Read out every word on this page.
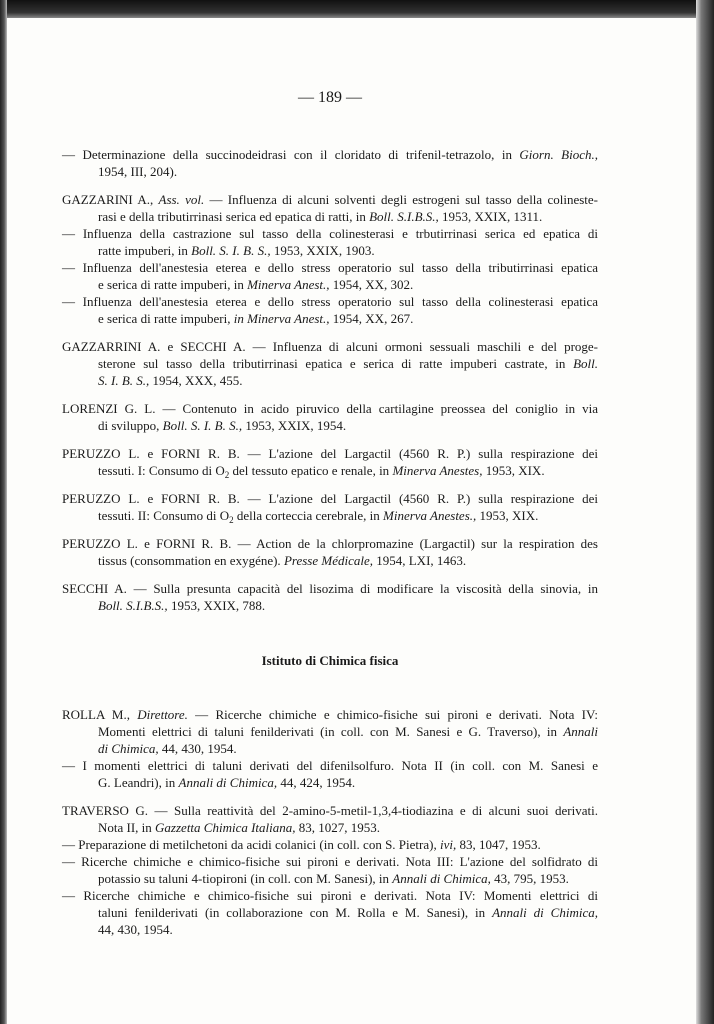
— 189 —
— Determinazione della succinodeidrasi con il cloridato di trifenil-tetrazolo, in Giorn. Bioch.,
1954, III, 204).
GAZZARINI A., Ass. vol. — Influenza di alcuni solventi degli estrogeni sul tasso della colineste-
rasi e della tributirrinasi serica ed epatica di ratti, in Boll. S.I.B.S., 1953, XXIX, 1311.
— Influenza della castrazione sul tasso della colinesterasi e trbutirrinasi serica ed epatica di
ratte impuberi, in Boll. S. I. B. S., 1953, XXIX, 1903.
— Influenza dell'anestesia eterea e dello stress operatorio sul tasso della tributirrinasi epatica
e serica di ratte impuberi, in Minerva Anest., 1954, XX, 302.
— Influenza dell'anestesia eterea e dello stress operatorio sul tasso della colinesterasi epatica
e serica di ratte impuberi, in Minerva Anest., 1954, XX, 267.
GAZZARRINI A. e SECCHI A. — Influenza di alcuni ormoni sessuali maschili e del proge-
sterone sul tasso della tributirrinasi epatica e serica di ratte impuberi castrate, in Boll.
S. I. B. S., 1954, XXX, 455.
LORENZI G. L. — Contenuto in acido piruvico della cartilagine preossea del coniglio in via
di sviluppo, Boll. S. I. B. S., 1953, XXIX, 1954.
PERUZZO L. e FORNI R. B. — L'azione del Largactil (4560 R. P.) sulla respirazione dei
tessuti. I: Consumo di $O_2$ del tessuto epatico e renale, in Minerva Anestes, 1953, XIX.
PERUZZO L. e FORNI R. B. — L'azione del Largactil (4560 R. P.) sulla respirazione dei
tessuti. II: Consumo di $O_2$ della corteccia cerebrale, in Minerva Anestes., 1953, XIX.
PERUZZO L. e FORNI R. B. — Action de la chlorpromazine (Largactil) sur la respiration des
tissus (consommation en exygéne). Presse Médicale, 1954, LXI, 1463.
SECCHI A. — Sulla presunta capacità del lisozima di modificare la viscosità della sinovia, in
Boll. S.I.B.S., 1953, XXIX, 788.
Istituto di Chimica fisica
ROLLA M., Direttore. — Ricerche chimiche e chimico-fisiche sui pironi e derivati. Nota IV:
Momenti elettrici di taluni fenilderivati (in coll. con M. Sanesi e G. Traverso), in Annali
di Chimica, 44, 430, 1954.
— I momenti elettrici di taluni derivati del difenilsolfuro. Nota II (in coll. con M. Sanesi e
G. Leandri), in Annali di Chimica, 44, 424, 1954.
TRAVERSO G. — Sulla reattività del 2-amino-5-metil-1,3,4-tiodiazina e di alcuni suoi derivati.
Nota II, in Gazzetta Chimica Italiana, 83, 1027, 1953.
— Preparazione di metilchetoni da acidi colanici (in coll. con S. Pietra), ivi, 83, 1047, 1953.
— Ricerche chimiche e chimico-fisiche sui pironi e derivati. Nota III: L'azione del solfidrato di
potassio su taluni 4-tiopironi (in coll. con M. Sanesi), in Annali di Chimica, 43, 795, 1953.
— Ricerche chimiche e chimico-fisiche sui pironi e derivati. Nota IV: Momenti elettrici di
taluni fenilderivati (in collaborazione con M. Rolla e M. Sanesi), in Annali di Chimica,
44, 430, 1954.
